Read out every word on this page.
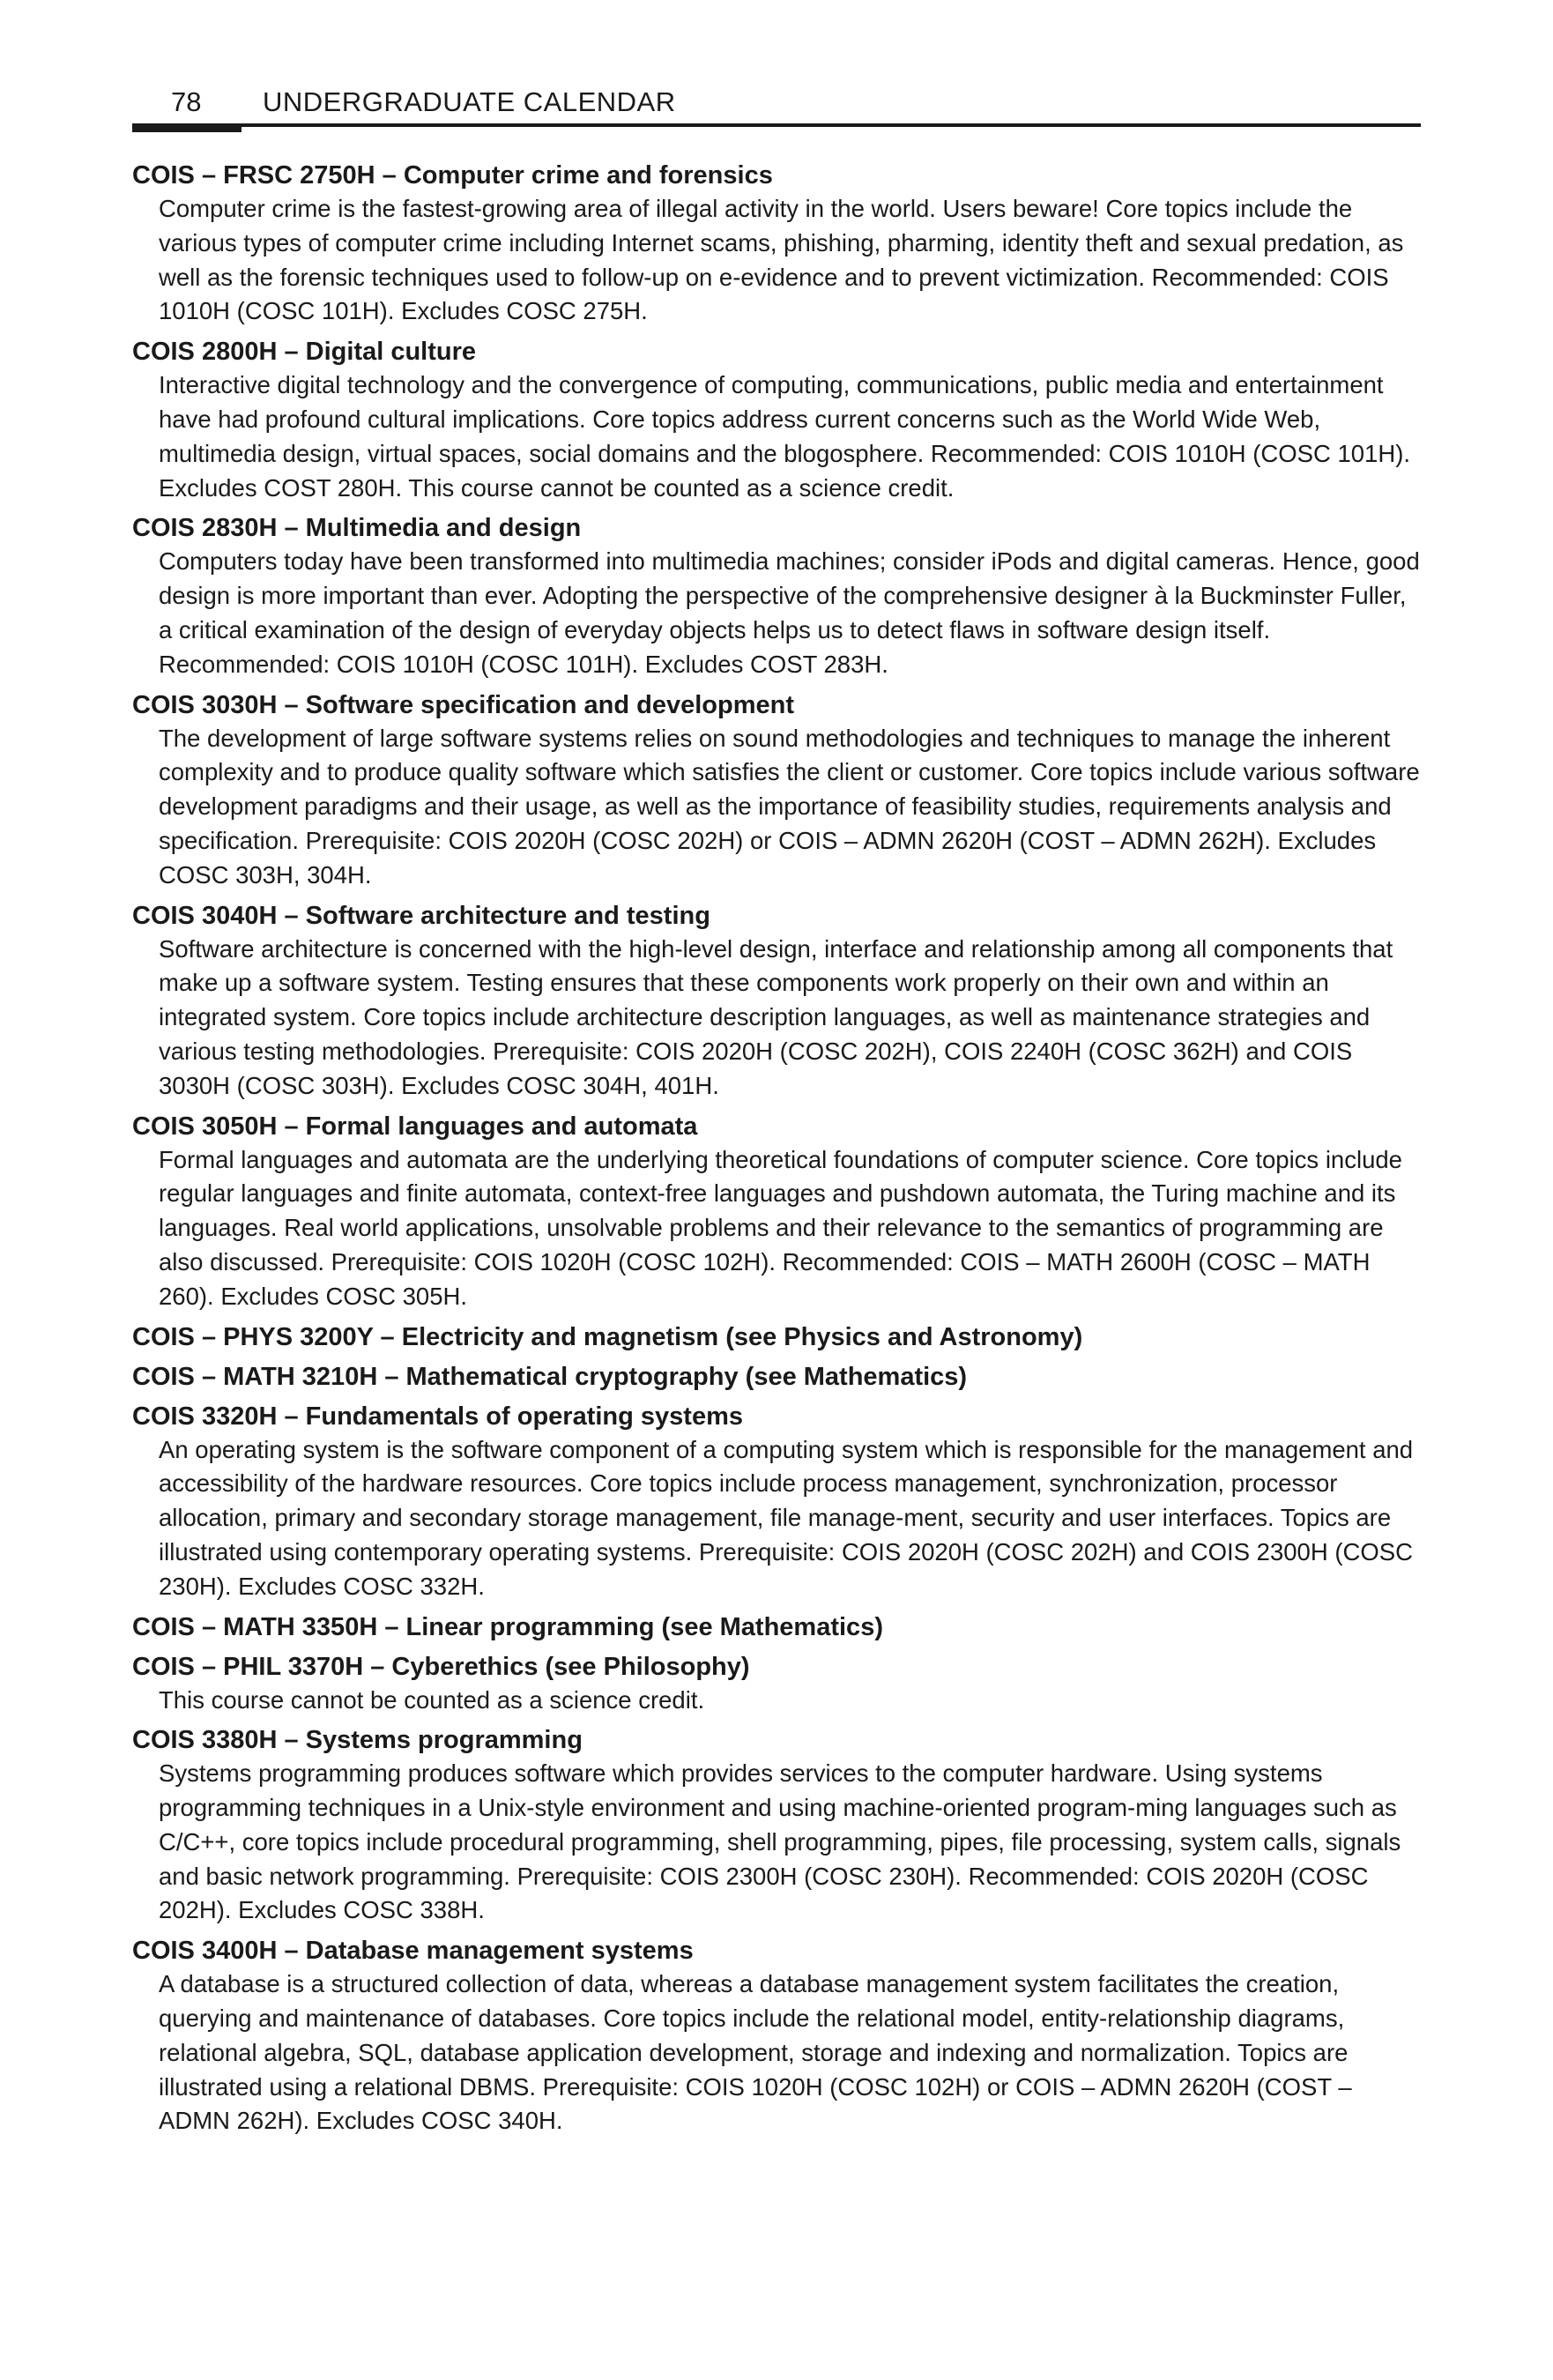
78 UNDERGRADUATE CALENDAR

COIS – FRSC 2750H – Computer crime and forensics

Computer crime is the fastest-growing area of illegal activity in the world. Users beware! Core topics include the various types of computer crime including Internet scams, phishing, pharming, identity theft and sexual predation, as well as the forensic techniques used to follow-up on e-evidence and to prevent victimization. Recommended: COIS 1010H (COSC 101H). Excludes COSC 275H.

COIS 2800H – Digital culture

Interactive digital technology and the convergence of computing, communications, public media and entertainment have had profound cultural implications. Core topics address current concerns such as the World Wide Web, multimedia design, virtual spaces, social domains and the blogosphere. Recommended: COIS 1010H (COSC 101H). Excludes COST 280H. This course cannot be counted as a science credit.

COIS 2830H – Multimedia and design

Computers today have been transformed into multimedia machines; consider iPods and digital cameras. Hence, good design is more important than ever. Adopting the perspective of the comprehensive designer à la Buckminster Fuller, a critical examination of the design of everyday objects helps us to detect flaws in software design itself. Recommended: COIS 1010H (COSC 101H). Excludes COST 283H.

COIS 3030H – Software specification and development

The development of large software systems relies on sound methodologies and techniques to manage the inherent complexity and to produce quality software which satisfies the client or customer. Core topics include various software development paradigms and their usage, as well as the importance of feasibility studies, requirements analysis and specification. Prerequisite: COIS 2020H (COSC 202H) or COIS – ADMN 2620H (COST – ADMN 262H). Excludes COSC 303H, 304H.

COIS 3040H – Software architecture and testing

Software architecture is concerned with the high-level design, interface and relationship among all components that make up a software system. Testing ensures that these components work properly on their own and within an integrated system. Core topics include architecture description languages, as well as maintenance strategies and various testing methodologies. Prerequisite: COIS 2020H (COSC 202H), COIS 2240H (COSC 362H) and COIS 3030H (COSC 303H). Excludes COSC 304H, 401H.

COIS 3050H – Formal languages and automata

Formal languages and automata are the underlying theoretical foundations of computer science. Core topics include regular languages and finite automata, context-free languages and pushdown automata, the Turing machine and its languages. Real world applications, unsolvable problems and their relevance to the semantics of programming are also discussed. Prerequisite: COIS 1020H (COSC 102H). Recommended: COIS – MATH 2600H (COSC – MATH 260). Excludes COSC 305H.

COIS – PHYS 3200Y – Electricity and magnetism (see Physics and Astronomy)

COIS – MATH 3210H – Mathematical cryptography (see Mathematics)

COIS 3320H – Fundamentals of operating systems

An operating system is the software component of a computing system which is responsible for the management and accessibility of the hardware resources. Core topics include process management, synchronization, processor allocation, primary and secondary storage management, file manage-ment, security and user interfaces. Topics are illustrated using contemporary operating systems. Prerequisite: COIS 2020H (COSC 202H) and COIS 2300H (COSC 230H). Excludes COSC 332H.

COIS – MATH 3350H – Linear programming (see Mathematics)

COIS – PHIL 3370H – Cyberethics (see Philosophy)

This course cannot be counted as a science credit.

COIS 3380H – Systems programming

Systems programming produces software which provides services to the computer hardware. Using systems programming techniques in a Unix-style environment and using machine-oriented program-ming languages such as C/C++, core topics include procedural programming, shell programming, pipes, file processing, system calls, signals and basic network programming. Prerequisite: COIS 2300H (COSC 230H). Recommended: COIS 2020H (COSC 202H). Excludes COSC 338H.

COIS 3400H – Database management systems

A database is a structured collection of data, whereas a database management system facilitates the creation, querying and maintenance of databases. Core topics include the relational model, entity-relationship diagrams, relational algebra, SQL, database application development, storage and indexing and normalization. Topics are illustrated using a relational DBMS. Prerequisite: COIS 1020H (COSC 102H) or COIS – ADMN 2620H (COST – ADMN 262H). Excludes COSC 340H.
